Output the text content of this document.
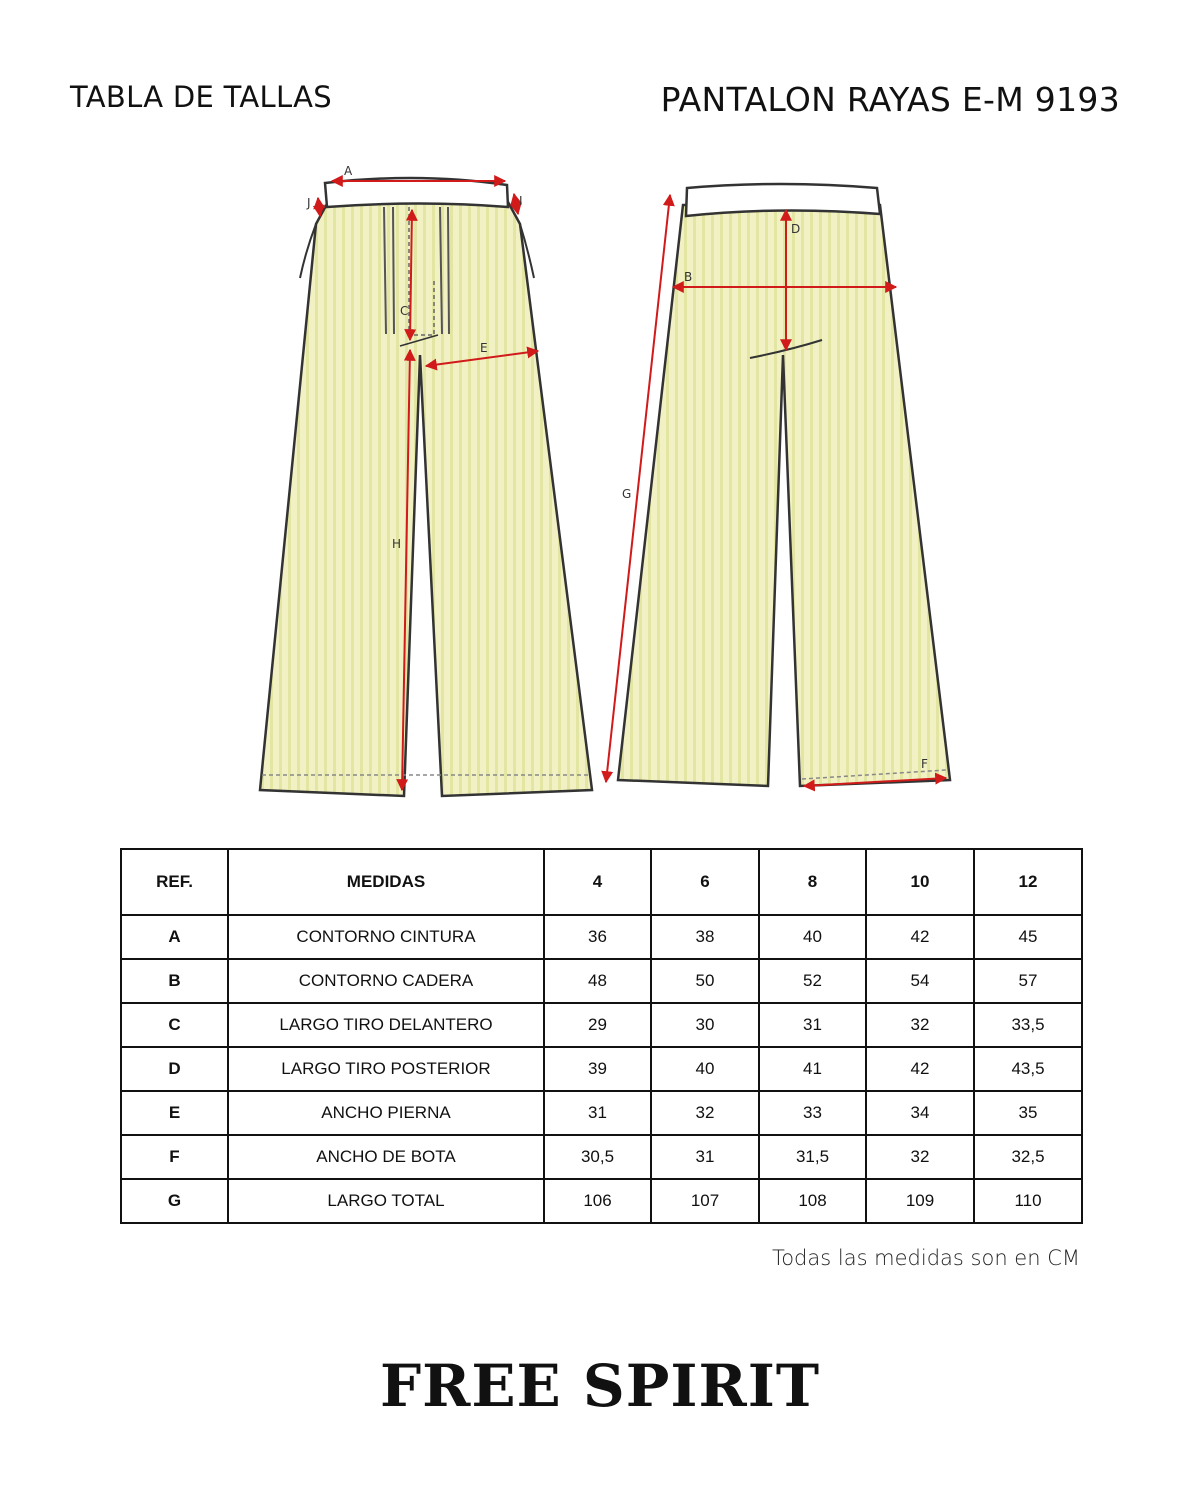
TABLA DE TALLAS	PANTALON RAYAS E-M 9193
A
J	I
C
E
H
B
D
G
F
REF.	MEDIDAS	4	6	8	10	12
A	CONTORNO CINTURA	36	38	40	42	45
B	CONTORNO CADERA	48	50	52	54	57
C	LARGO TIRO DELANTERO	29	30	31	32	33,5
D	LARGO TIRO POSTERIOR	39	40	41	42	43,5
E	ANCHO PIERNA	31	32	33	34	35
F	ANCHO DE BOTA	30,5	31	31,5	32	32,5
G	LARGO TOTAL	106	107	108	109	110
Todas las medidas son en CM
FREE SPIRIT
